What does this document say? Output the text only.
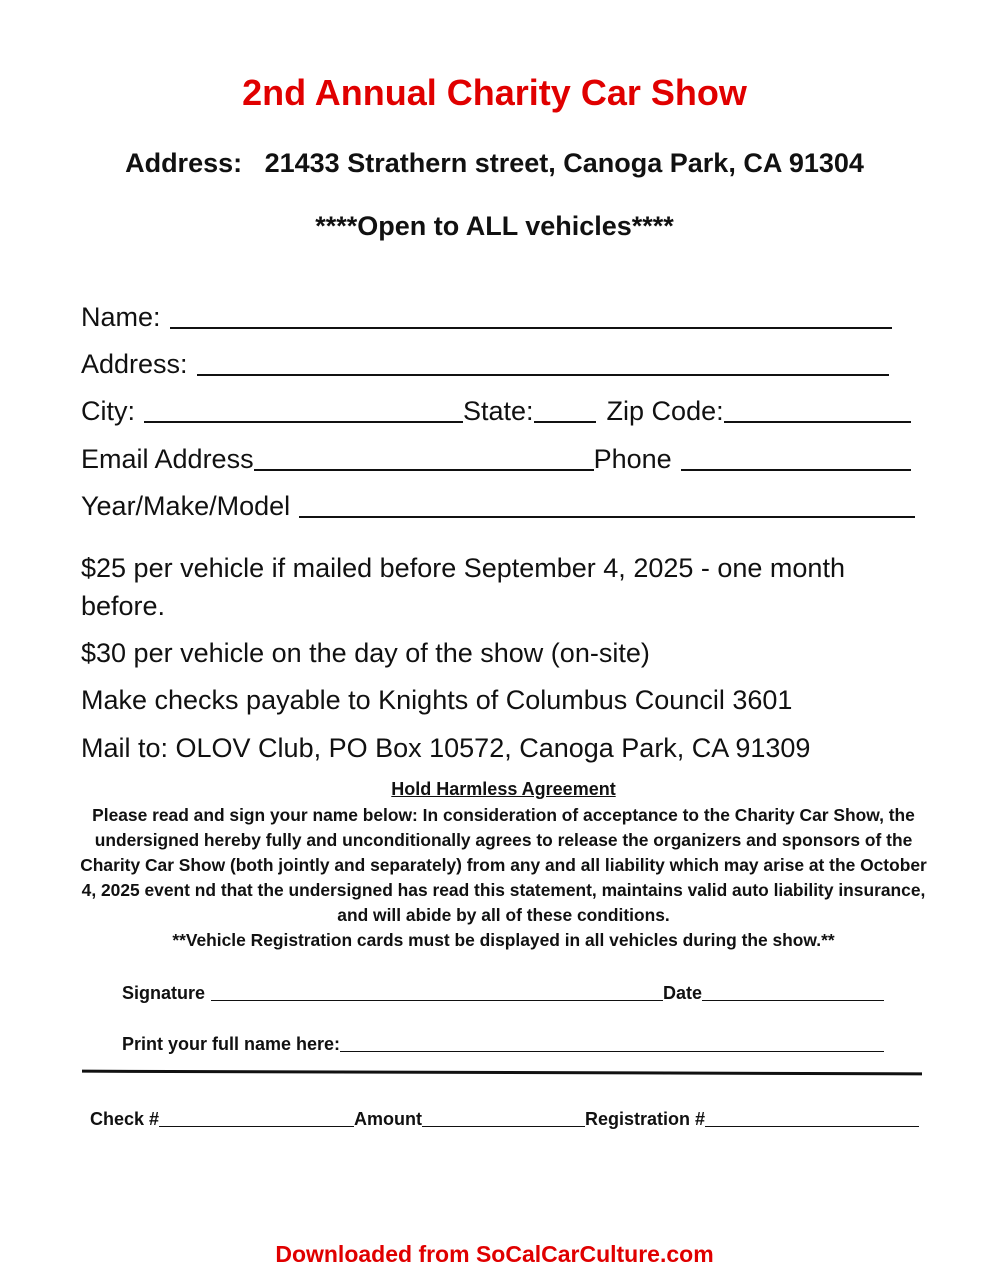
2nd Annual Charity Car Show
Address:   21433 Strathern street, Canoga Park, CA 91304
****Open to ALL vehicles****
Name:
Address:
City:	State:	Zip Code:
Email Address	Phone
Year/Make/Model
$25 per vehicle if mailed before September 4, 2025 - one month before.
$30 per vehicle on the day of the show (on-site)
Make checks payable to Knights of Columbus Council 3601
Mail to: OLOV Club, PO Box 10572, Canoga Park, CA 91309
Hold Harmless Agreement
Please read and sign your name below: In consideration of acceptance to the Charity Car Show, the undersigned hereby fully and unconditionally agrees to release the organizers and sponsors of the Charity Car Show (both jointly and separately) from any and all liability which may arise at the October 4, 2025 event nd that the undersigned has read this statement, maintains valid auto liability insurance, and will abide by all of these conditions.
**Vehicle Registration cards must be displayed in all vehicles during the show.**
Signature	Date
Print your full name here:
Check #	Amount	Registration #
Downloaded from SoCalCarCulture.com
